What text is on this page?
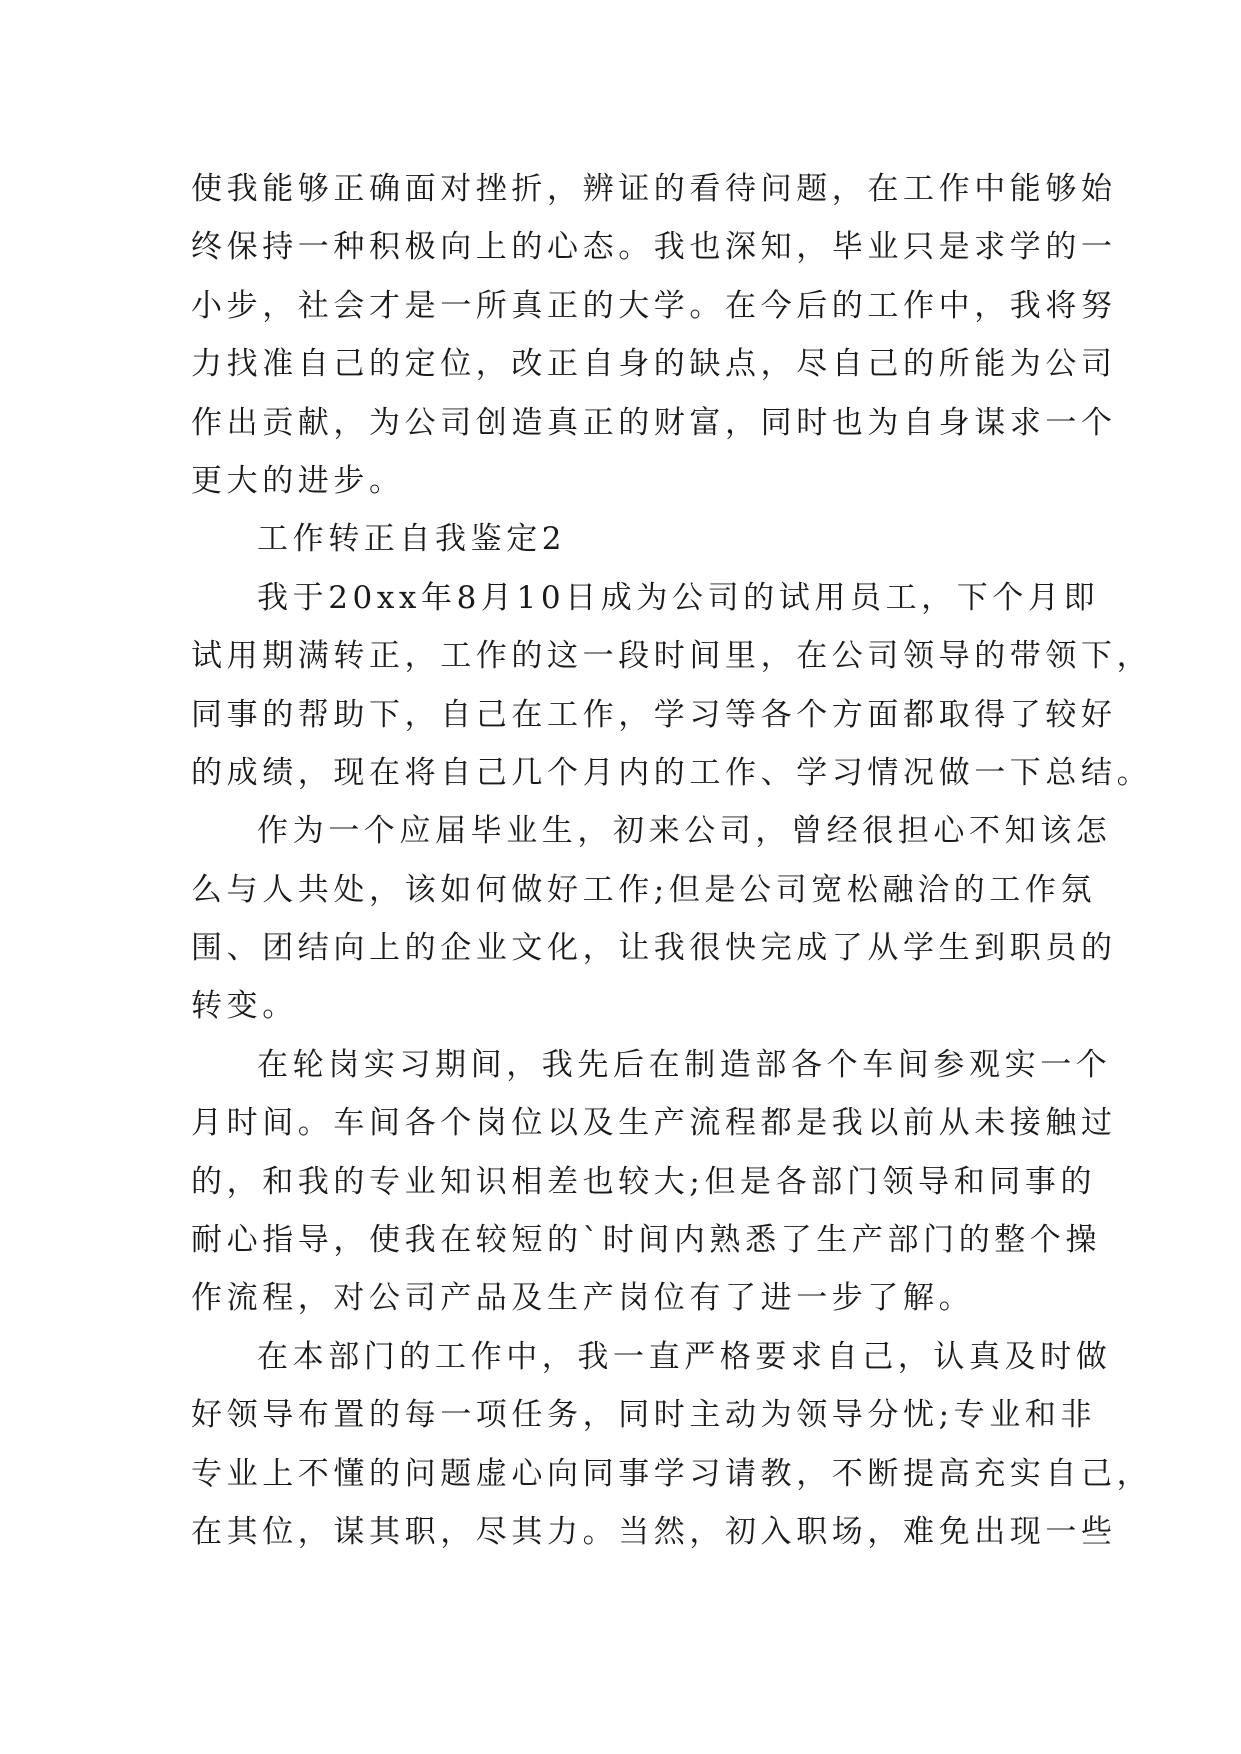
使我能够正确面对挫折，辨证的看待问题，在工作中能够始
终保持一种积极向上的心态。我也深知，毕业只是求学的一
小步，社会才是一所真正的大学。在今后的工作中，我将努
力找准自己的定位，改正自身的缺点，尽自己的所能为公司
作出贡献，为公司创造真正的财富，同时也为自身谋求一个
更大的进步。
工作转正自我鉴定2
我于20xx年8月10日成为公司的试用员工，下个月即
试用期满转正，工作的这一段时间里，在公司领导的带领下，
同事的帮助下，自己在工作，学习等各个方面都取得了较好
的成绩，现在将自己几个月内的工作、学习情况做一下总结。
作为一个应届毕业生，初来公司，曾经很担心不知该怎
么与人共处，该如何做好工作;但是公司宽松融洽的工作氛
围、团结向上的企业文化，让我很快完成了从学生到职员的
转变。
在轮岗实习期间，我先后在制造部各个车间参观实一个
月时间。车间各个岗位以及生产流程都是我以前从未接触过
的，和我的专业知识相差也较大;但是各部门领导和同事的
耐心指导，使我在较短的`时间内熟悉了生产部门的整个操
作流程，对公司产品及生产岗位有了进一步了解。
在本部门的工作中，我一直严格要求自己，认真及时做
好领导布置的每一项任务，同时主动为领导分忧;专业和非
专业上不懂的问题虚心向同事学习请教，不断提高充实自己，
在其位，谋其职，尽其力。当然，初入职场，难免出现一些
